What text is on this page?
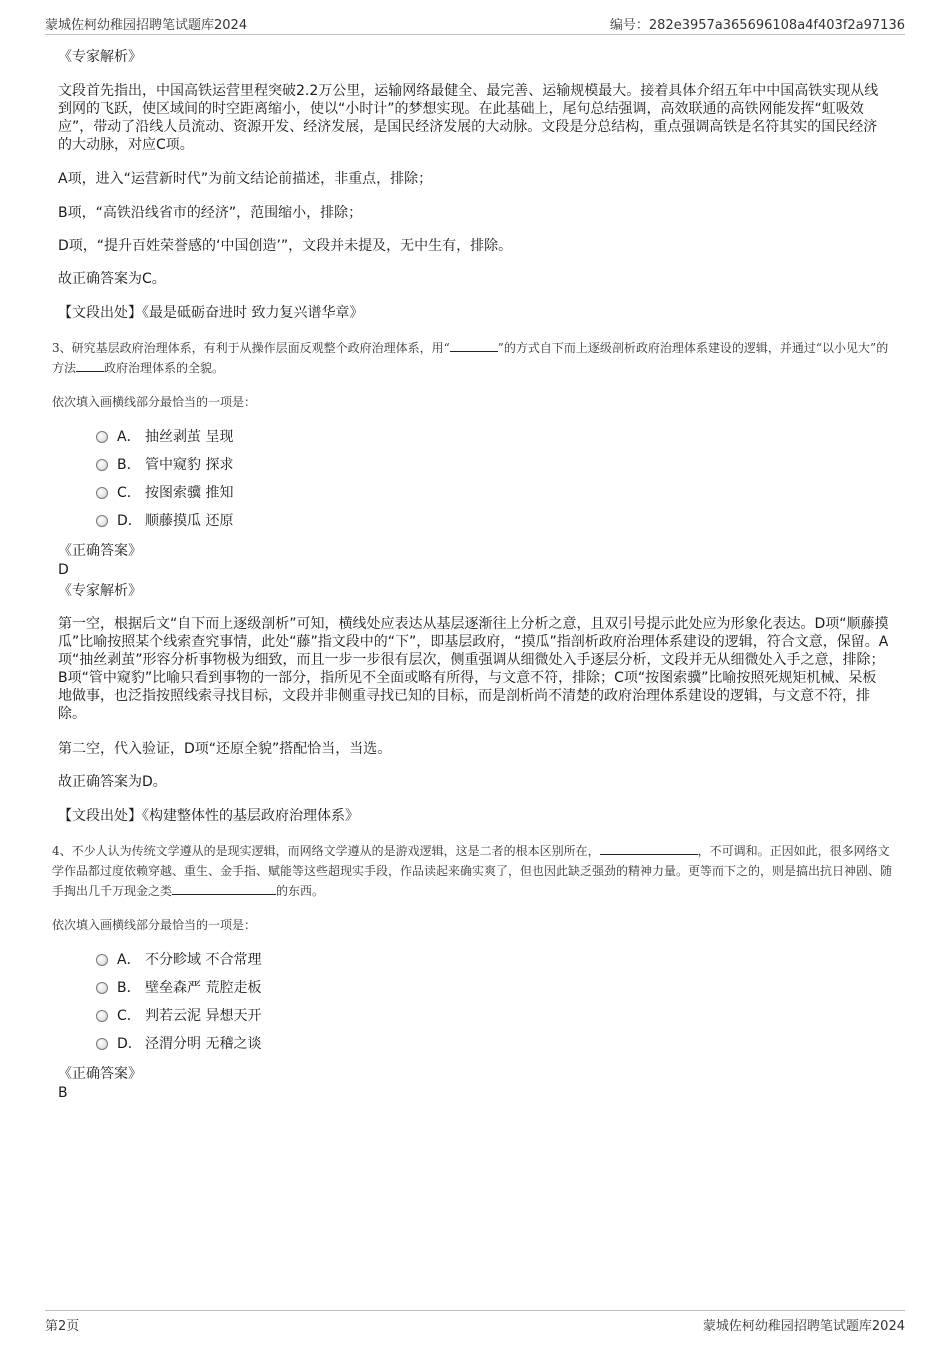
蒙城佐柯幼稚园招聘笔试题库2024	编号：282e3957a365696108a4f403f2a97136

《专家解析》

文段首先指出，中国高铁运营里程突破2.2万公里，运输网络最健全、最完善、运输规模最大。接着具体介绍五年中中国高铁实现从线到网的飞跃，使区域间的时空距离缩小，使以“小时计”的梦想实现。在此基础上，尾句总结强调，高效联通的高铁网能发挥“虹吸效应”，带动了沿线人员流动、资源开发、经济发展，是国民经济发展的大动脉。文段是分总结构，重点强调高铁是名符其实的国民经济的大动脉，对应C项。

A项，进入“运营新时代”为前文结论前描述，非重点，排除；

B项，“高铁沿线省市的经济”，范围缩小，排除；

D项，“提升百姓荣誉感的‘中国创造’”，文段并未提及，无中生有，排除。

故正确答案为C。

【文段出处】《最是砥砺奋进时 致力复兴谱华章》

3、研究基层政府治理体系，有利于从操作层面反观整个政府治理体系，用“	”的方式自下而上逐级剖析政府治理体系建设的逻辑，并通过“以小见大”的方法 政府治理体系的全貌。

依次填入画横线部分最恰当的一项是：

A． 抽丝剥茧 呈现
B． 管中窥豹 探求
C． 按图索骥 推知
D． 顺藤摸瓜 还原

《正确答案》

D

《专家解析》

第一空，根据后文“自下而上逐级剖析”可知，横线处应表达从基层逐渐往上分析之意，且双引号提示此处应为形象化表达。D项“顺藤摸瓜”比喻按照某个线索查究事情，此处“藤”指文段中的“下”，即基层政府，“摸瓜”指剖析政府治理体系建设的逻辑，符合文意，保留。A项“抽丝剥茧”形容分析事物极为细致，而且一步一步很有层次，侧重强调从细微处入手逐层分析，文段并无从细微处入手之意，排除；B项“管中窥豹”比喻只看到事物的一部分，指所见不全面或略有所得，与文意不符，排除；C项“按图索骥”比喻按照死规矩机械、呆板地做事，也泛指按照线索寻找目标，文段并非侧重寻找已知的目标，而是剖析尚不清楚的政府治理体系建设的逻辑，与文意不符，排除。

第二空，代入验证，D项“还原全貌”搭配恰当，当选。

故正确答案为D。

【文段出处】《构建整体性的基层政府治理体系》

4、不少人认为传统文学遵从的是现实逻辑，而网络文学遵从的是游戏逻辑，这是二者的根本区别所在，	，不可调和。正因如此，很多网络文学作品都过度依赖穿越、重生、金手指、赋能等这些超现实手段，作品读起来确实爽了，但也因此缺乏强劲的精神力量。更等而下之的，则是搞出抗日神剧、随手掏出几千万现金之类	的东西。

依次填入画横线部分最恰当的一项是：

A． 不分畛域 不合常理
B． 壁垒森严 荒腔走板
C． 判若云泥 异想天开
D． 泾渭分明 无稽之谈

《正确答案》

B

第2页	蒙城佐柯幼稚园招聘笔试题库2024
